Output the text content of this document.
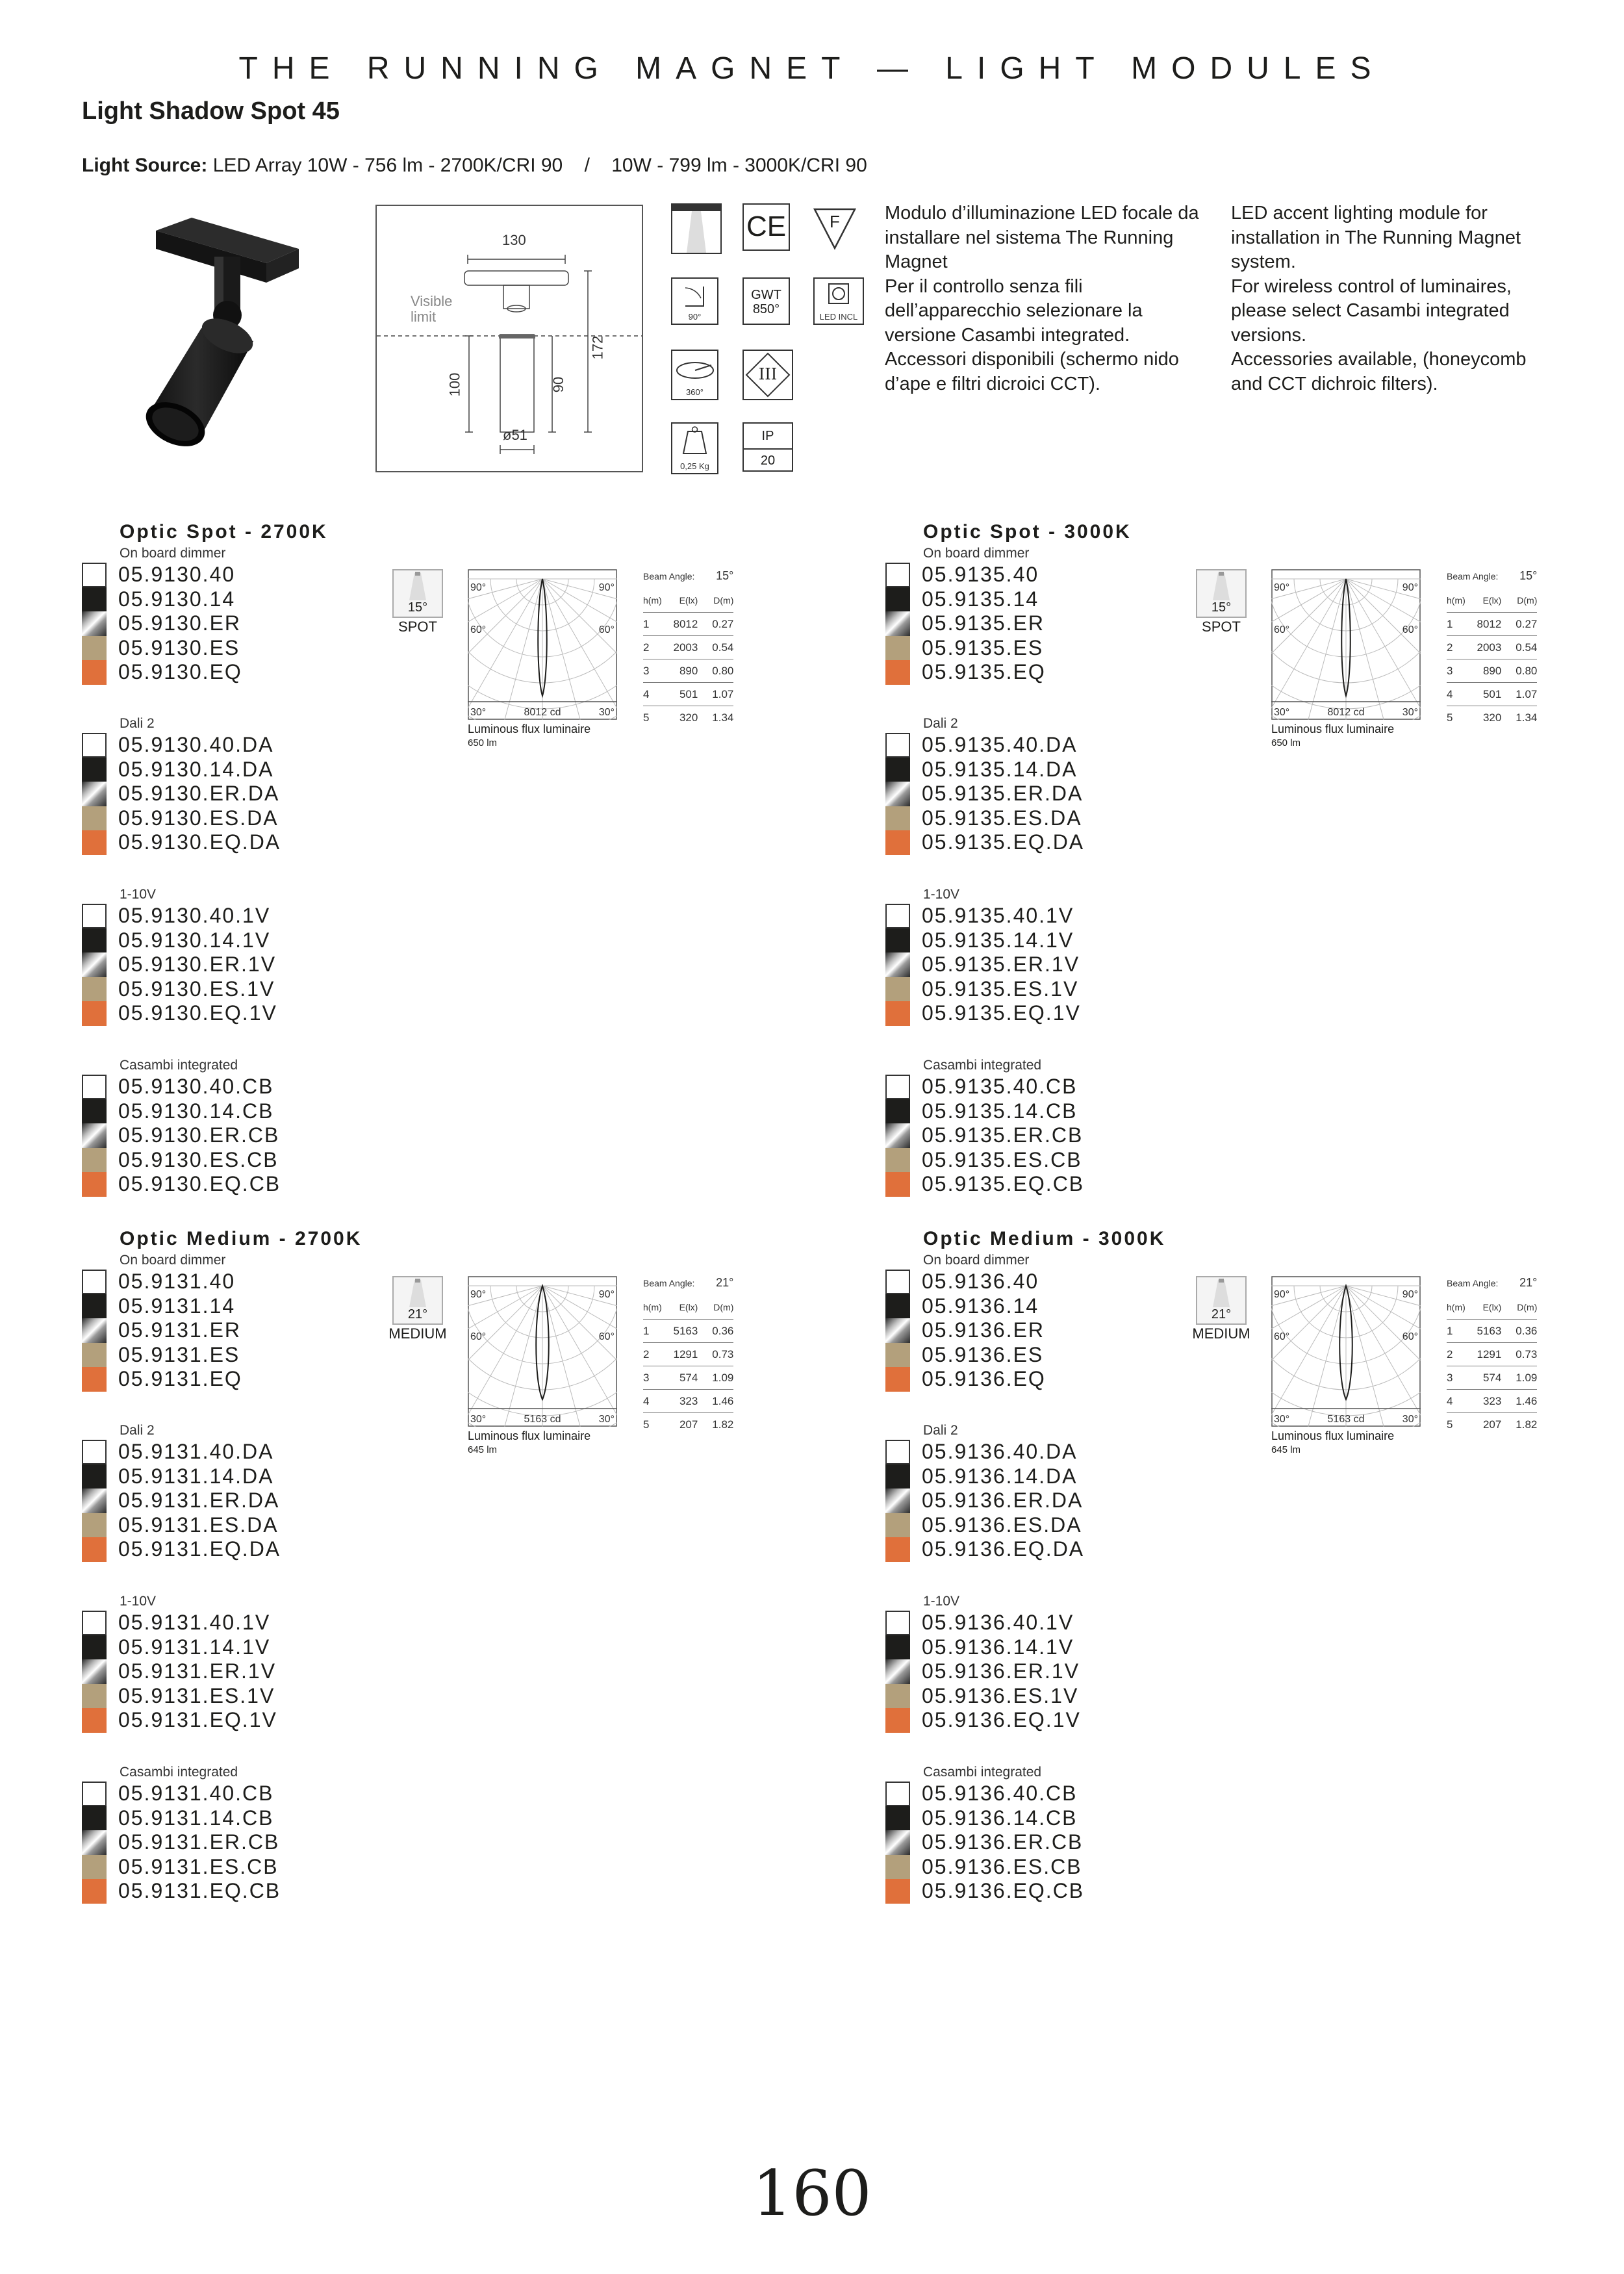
THE RUNNING MAGNET — LIGHT MODULES
Light Shadow Spot 45
Light Source: LED Array 10W - 756 lm - 2700K/CRI 90    /    10W - 799 lm - 3000K/CRI 90
130
Visible limit
100	90
172
ø51
CE	F
90°
GWT
850°
LED INCL
360°
III
0,25 Kg
IP
20
Modulo d’illuminazione LED focale da installare nel sistema The Running Magnet
Per il controllo senza fili dell’apparecchio selezionare la versione Casambi integrated.
Accessori disponibili (schermo nido d’ape e filtri dicroici CCT).
LED accent lighting module for installation in The Running Magnet system.
For wireless control of luminaires, please select Casambi integrated versions.
Accessories available, (honeycomb and CCT dichroic filters).
Optic Spot - 2700K
On board dimmer
05.9130.40
05.9130.14
05.9130.ER
05.9130.ES
05.9130.EQ
Dali 2
05.9130.40.DA
05.9130.14.DA
05.9130.ER.DA
05.9130.ES.DA
05.9130.EQ.DA
1-10V
05.9130.40.1V
05.9130.14.1V
05.9130.ER.1V
05.9130.ES.1V
05.9130.EQ.1V
Casambi integrated
05.9130.40.CB
05.9130.14.CB
05.9130.ER.CB
05.9130.ES.CB
05.9130.EQ.CB
15°
SPOT
90°	90°
60°	60°
30°	30°
8012 cd
Luminous flux luminaire
650 lm
Beam Angle: 15°
h(m)	E(lx)	D(m)
1	8012	0.27
2	2003	0.54
3	890	0.80
4	501	1.07
5	320	1.34
Optic Spot - 3000K
On board dimmer
05.9135.40
05.9135.14
05.9135.ER
05.9135.ES
05.9135.EQ
Dali 2
05.9135.40.DA
05.9135.14.DA
05.9135.ER.DA
05.9135.ES.DA
05.9135.EQ.DA
1-10V
05.9135.40.1V
05.9135.14.1V
05.9135.ER.1V
05.9135.ES.1V
05.9135.EQ.1V
Casambi integrated
05.9135.40.CB
05.9135.14.CB
05.9135.ER.CB
05.9135.ES.CB
05.9135.EQ.CB
15°
SPOT
90°	90°
60°	60°
30°	30°
8012 cd
Luminous flux luminaire
650 lm
Beam Angle: 15°
h(m)	E(lx)	D(m)
1	8012	0.27
2	2003	0.54
3	890	0.80
4	501	1.07
5	320	1.34
Optic Medium - 2700K
On board dimmer
05.9131.40
05.9131.14
05.9131.ER
05.9131.ES
05.9131.EQ
Dali 2
05.9131.40.DA
05.9131.14.DA
05.9131.ER.DA
05.9131.ES.DA
05.9131.EQ.DA
1-10V
05.9131.40.1V
05.9131.14.1V
05.9131.ER.1V
05.9131.ES.1V
05.9131.EQ.1V
Casambi integrated
05.9131.40.CB
05.9131.14.CB
05.9131.ER.CB
05.9131.ES.CB
05.9131.EQ.CB
21°
MEDIUM
90°	90°
60°	60°
30°	30°
5163 cd
Luminous flux luminaire
645 lm
Beam Angle: 21°
h(m)	E(lx)	D(m)
1	5163	0.36
2	1291	0.73
3	574	1.09
4	323	1.46
5	207	1.82
Optic Medium - 3000K
On board dimmer
05.9136.40
05.9136.14
05.9136.ER
05.9136.ES
05.9136.EQ
Dali 2
05.9136.40.DA
05.9136.14.DA
05.9136.ER.DA
05.9136.ES.DA
05.9136.EQ.DA
1-10V
05.9136.40.1V
05.9136.14.1V
05.9136.ER.1V
05.9136.ES.1V
05.9136.EQ.1V
Casambi integrated
05.9136.40.CB
05.9136.14.CB
05.9136.ER.CB
05.9136.ES.CB
05.9136.EQ.CB
21°
MEDIUM
90°	90°
60°	60°
30°	30°
5163 cd
Luminous flux luminaire
645 lm
Beam Angle: 21°
h(m)	E(lx)	D(m)
1	5163	0.36
2	1291	0.73
3	574	1.09
4	323	1.46
5	207	1.82
160
